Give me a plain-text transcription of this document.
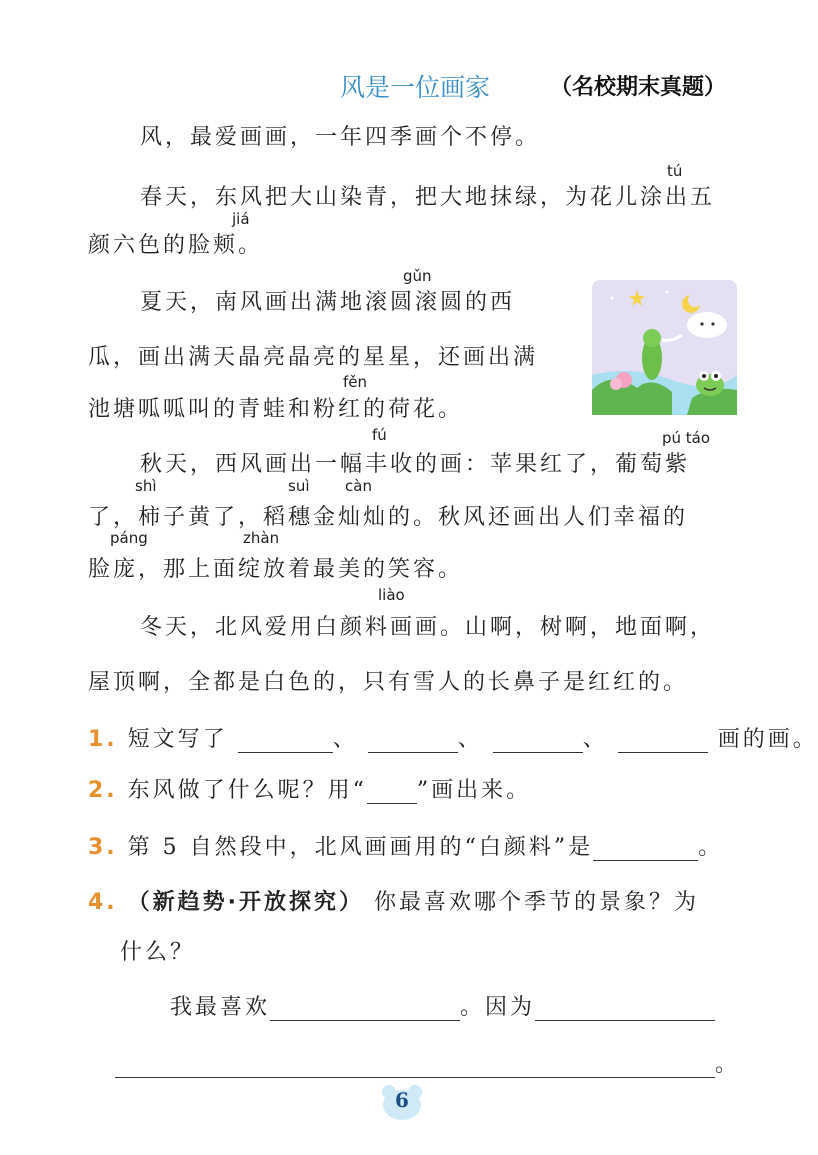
风是一位画家	（名校期末真题）
风，最爱画画，一年四季画个不停。
tú
春天，东风把大山染青，把大地抹绿，为花儿涂出五
jiá
颜六色的脸颊。
gǔn
夏天，南风画出满地滚圆滚圆的西
瓜，画出满天晶亮晶亮的星星，还画出满
fěn
池塘呱呱叫的青蛙和粉红的荷花。
fú	pú táo
秋天，西风画出一幅丰收的画：苹果红了，葡萄紫
shì	suì càn
了，柿子黄了，稻穗金灿灿的。秋风还画出人们幸福的
páng	zhàn
脸庞，那上面绽放着最美的笑容。
liào
冬天，北风爱用白颜料画画。山啊，树啊，地面啊，
屋顶啊，全都是白色的，只有雪人的长鼻子是红红的。
1. 短文写了	、	、	、	画的画。
2. 东风做了什么呢？用“ ”画出来。
3. 第 5 自然段中，北风画画用的“白颜料”是	。
4. （新趋势·开放探究） 你最喜欢哪个季节的景象？为
什么？
我最喜欢	。因为
。
6
